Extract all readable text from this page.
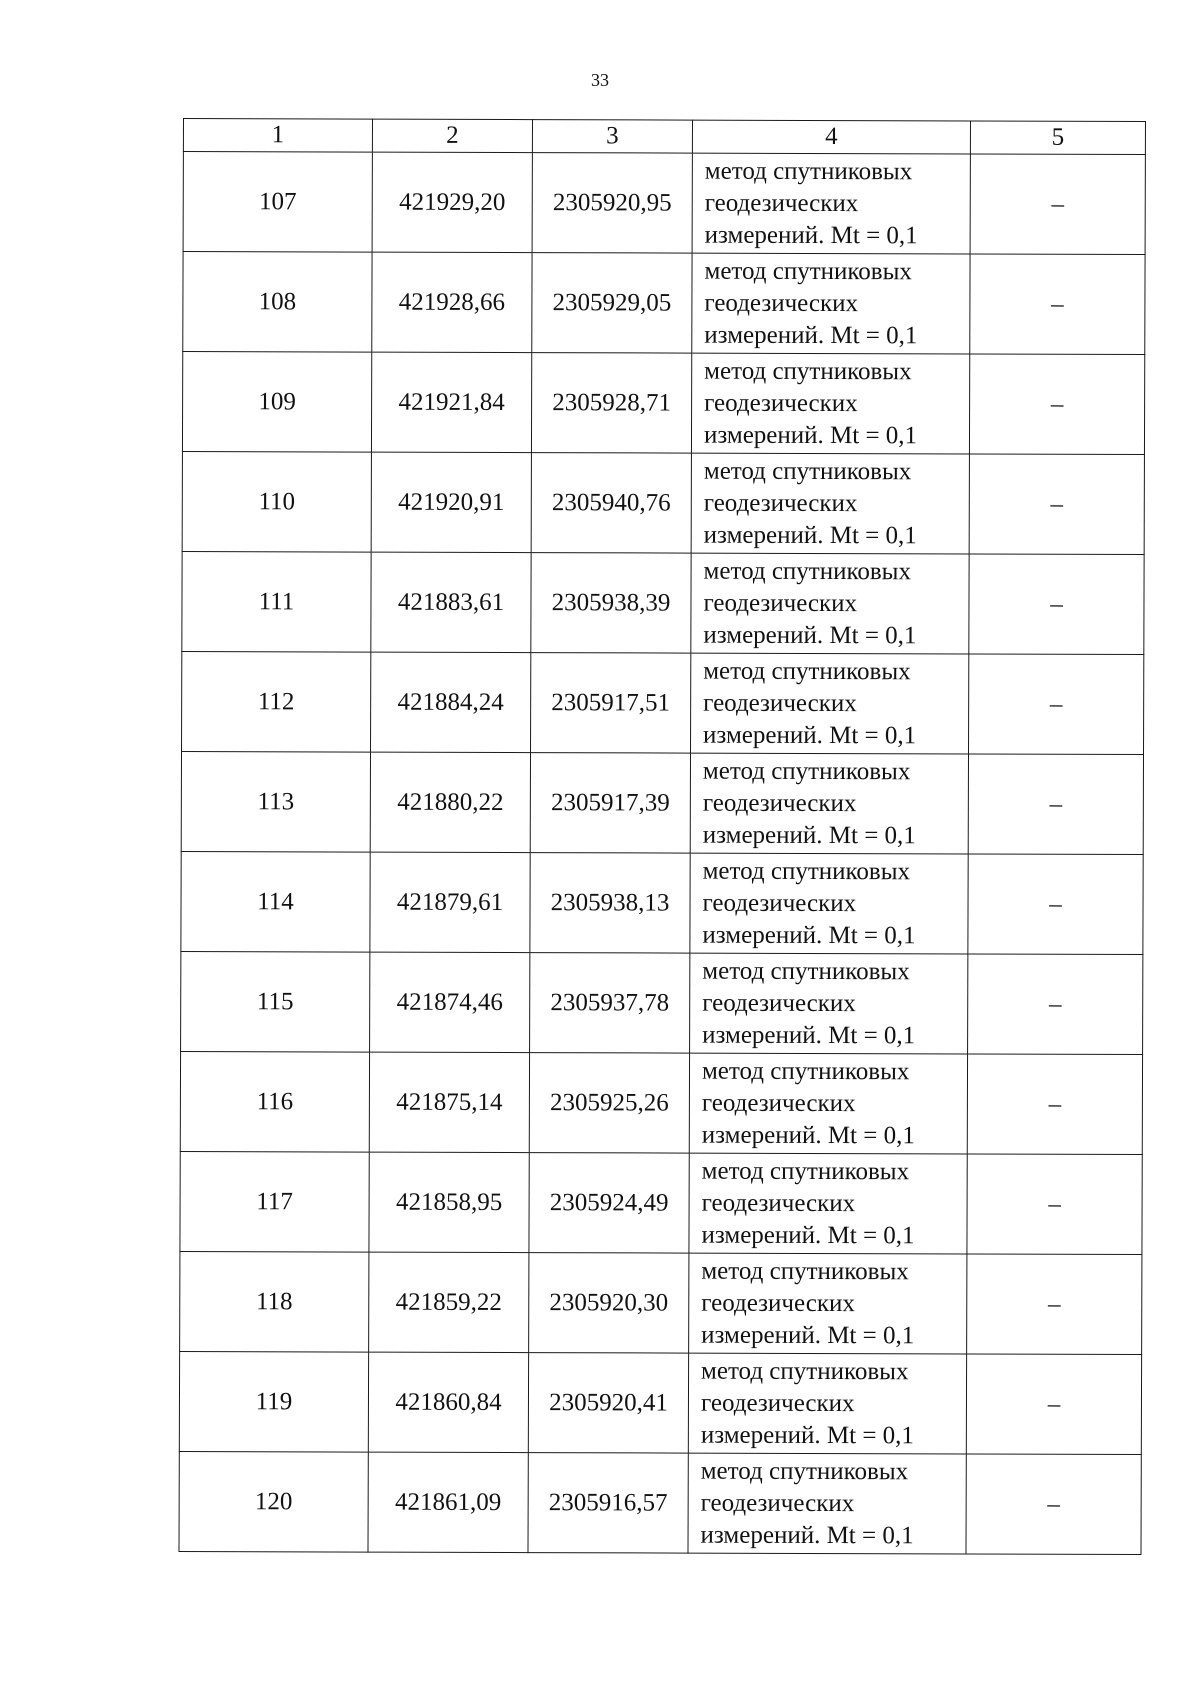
33
1	2	3	4	5
107	421929,20	2305920,95	метод спутниковых
геодезических
измерений. Mt = 0,1	–
108	421928,66	2305929,05	метод спутниковых
геодезических
измерений. Mt = 0,1	–
109	421921,84	2305928,71	метод спутниковых
геодезических
измерений. Mt = 0,1	–
110	421920,91	2305940,76	метод спутниковых
геодезических
измерений. Mt = 0,1	–
111	421883,61	2305938,39	метод спутниковых
геодезических
измерений. Mt = 0,1	–
112	421884,24	2305917,51	метод спутниковых
геодезических
измерений. Mt = 0,1	–
113	421880,22	2305917,39	метод спутниковых
геодезических
измерений. Mt = 0,1	–
114	421879,61	2305938,13	метод спутниковых
геодезических
измерений. Mt = 0,1	–
115	421874,46	2305937,78	метод спутниковых
геодезических
измерений. Mt = 0,1	–
116	421875,14	2305925,26	метод спутниковых
геодезических
измерений. Mt = 0,1	–
117	421858,95	2305924,49	метод спутниковых
геодезических
измерений. Mt = 0,1	–
118	421859,22	2305920,30	метод спутниковых
геодезических
измерений. Mt = 0,1	–
119	421860,84	2305920,41	метод спутниковых
геодезических
измерений. Mt = 0,1	–
120	421861,09	2305916,57	метод спутниковых
геодезических
измерений. Mt = 0,1	–
